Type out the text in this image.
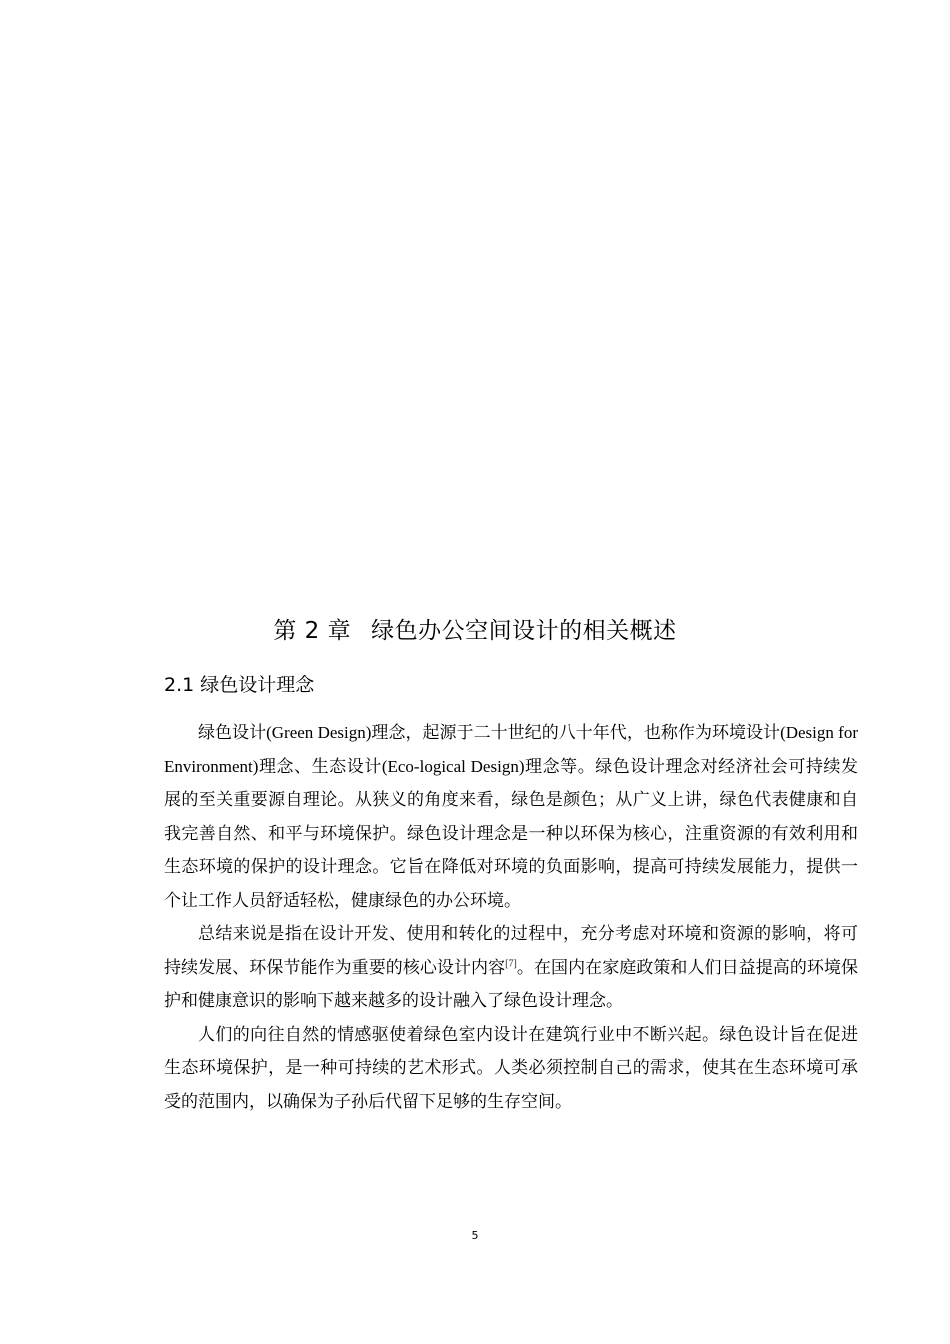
第 2 章 绿色办公空间设计的相关概述
2.1 绿色设计理念

绿色设计(Green Design)理念，起源于二十世纪的八十年代，也称作为环境设计(Design for Environment)理念、生态设计(Eco-logical Design)理念等。绿色设计理念对经济社会可持续发展的至关重要源自理论。从狭义的角度来看，绿色是颜色；从广义上讲，绿色代表健康和自我完善自然、和平与环境保护。绿色设计理念是一种以环保为核心，注重资源的有效利用和生态环境的保护的设计理念。它旨在降低对环境的负面影响，提高可持续发展能力，提供一个让工作人员舒适轻松，健康绿色的办公环境。

总结来说是指在设计开发、使用和转化的过程中，充分考虑对环境和资源的影响，将可持续发展、环保节能作为重要的核心设计内容[7]。在国内在家庭政策和人们日益提高的环境保护和健康意识的影响下越来越多的设计融入了绿色设计理念。

人们的向往自然的情感驱使着绿色室内设计在建筑行业中不断兴起。绿色设计旨在促进生态环境保护，是一种可持续的艺术形式。人类必须控制自己的需求，使其在生态环境可承受的范围内，以确保为子孙后代留下足够的生存空间。

5
